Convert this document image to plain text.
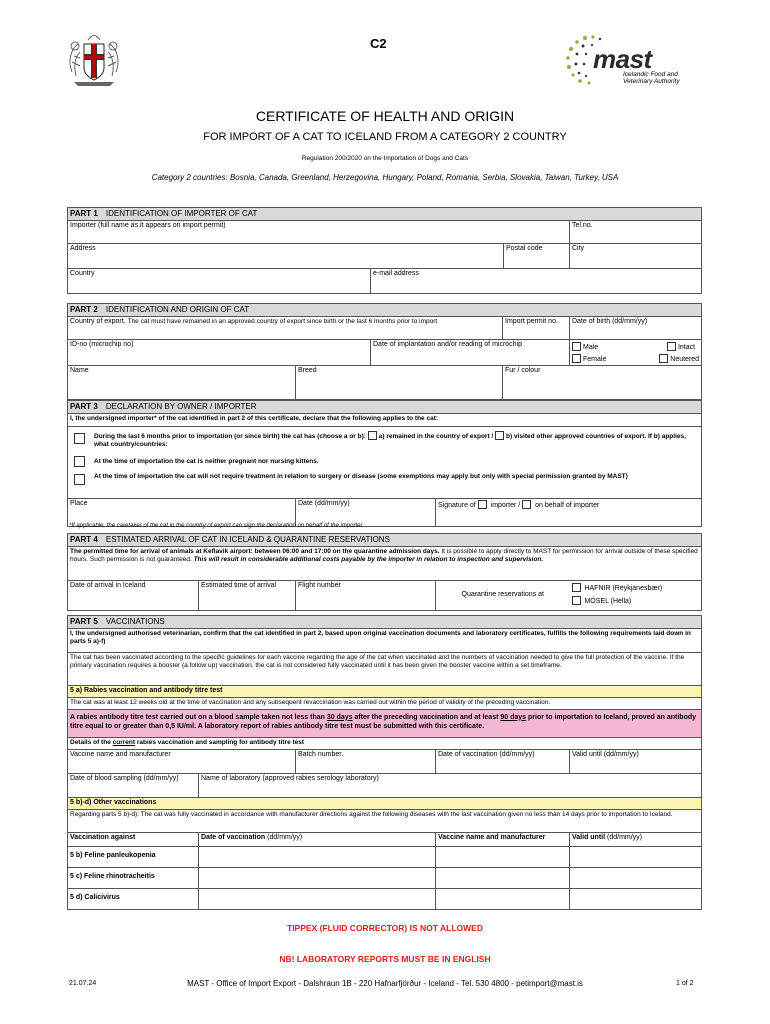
C2
mast
Icelandic Food and
Veterinary Authority
CERTIFICATE OF HEALTH AND ORIGIN
FOR IMPORT OF A CAT TO ICELAND FROM A CATEGORY 2 COUNTRY
Regulation 200/2020 on the Importation of Dogs and Cats
Category 2 countries: Bosnia, Canada, Greenland, Herzegovina, Hungary, Poland, Romania, Serbia, Slovakia, Taiwan, Turkey, USA
PART 1 IDENTIFICATION OF IMPORTER OF CAT			
Importer (full name as it appears on import permit)			Tel.no.
Address		Postal code	City
Country	e-mail address		
PART 2 IDENTIFICATION AND ORIGIN OF CAT				
Country of export. The cat must have remained in an approved country of export since birth or the last 6 months prior to import			Import permit no.	Date of birth (dd/mm/yy)
ID-no (microchip no)		Date of implantation and/or reading of microchip		Male Intact
Female Neutered

Name	Breed		Fur / colour	
PART 3 DECLARATION BY OWNER / IMPORTER
I, the undersigned importer* of the cat identified in part 2 of this certificate, declare that the following applies to the cat:

During the last 6 months prior to importation (or since birth) the cat has (choose a or b): a) remained in the country of export / b) visited other approved countries of export. If b) applies, what country/countries:
At the time of importation the cat is neither pregnant nor nursing kittens.
At the time of importation the cat will not require treatment in relation to surgery or disease (some exemptions may apply but only with special permission granted by MAST)

Place	Date (dd/mm/yy)	Signature of  importer /  on behalf of importer
*If applicable, the caretaker of the cat in the country of export can sign the declaration on behalf of the importer.
PART 4 ESTIMATED ARRIVAL OF CAT IN ICELAND & QUARANTINE RESERVATIONS
The permitted time for arrival of animals at Keflavik airport: between 06:00 and 17:00 on the quarantine admission days. It is possible to apply directly to MAST for permission for arrival outside of these specified hours. Such permission is not guaranteed. This will result in considerable additional costs payable by the importer in relation to inspection and supervision.
Date of arrival in Iceland	Estimated time of arrival	Flight number	Quarantine reservations at	
HAFNIR (Reykjanesbær)
MÓSEL (Hella)
PART 5 VACCINATIONS				
I, the undersigned authorised veterinarian, confirm that the cat identified in part 2, based upon original vaccination documents and laboratory certificates, fulfills the following requirements laid down in parts 5 a)-f)				
The cat has been vaccinated according to the specific guidelines for each vaccine regarding the age of the cat when vaccinated and the numbers of vaccination needed to give the full protection of the vaccine. If the primary vaccination requires a booster (a follow up) vaccination, the cat is not considered fully vaccinated until it has been given the booster vaccine within a set timeframe.				
5 a) Rabies vaccination and antibody titre test				
The cat was at least 12 weeks old at the time of vaccination and any subsequent revaccination was carried out within the period of validity of the preceding vaccination.				
A rabies antibody titre test carried out on a blood sample taken not less than 30 days after the preceding vaccination and at least 90 days prior to importation to Iceland, proved an antibody titre equal to or greater than 0,5 IU/ml. A laboratory report of rabies antibody titre test must be submitted with this certificate.				
Details of the current rabies vaccination and sampling for antibody titre test				
Vaccine name and manufacturer		Batch number.	Date of vaccination (dd/mm/yy)	Valid until (dd/mm/yy)
Date of blood sampling (dd/mm/yy)	Name of laboratory (approved rabies serology laboratory)			
5 b)-d) Other vaccinations				
Regarding parts 5 b)-d): The cat was fully vaccinated in accordance with manufacturer directions against the following diseases with the last vaccination given no less than 14 days prior to importation to Iceland.				
Vaccination against	Date of vaccination (dd/mm/yy)		Vaccine name and manufacturer	Valid until (dd/mm/yy)
5 b) Feline panleukopenia				
5 c) Feline rhinotracheitis				
5 d) Calicivirus				
TIPPEX (FLUID CORRECTOR) IS NOT ALLOWED
NB! LABORATORY REPORTS MUST BE IN ENGLISH
21.07.24	MAST - Office of Import Export - Dalshraun 1B - 220 Hafnarfjörður - Iceland - Tel. 530 4800 - petimport@mast.is	1 of 2
